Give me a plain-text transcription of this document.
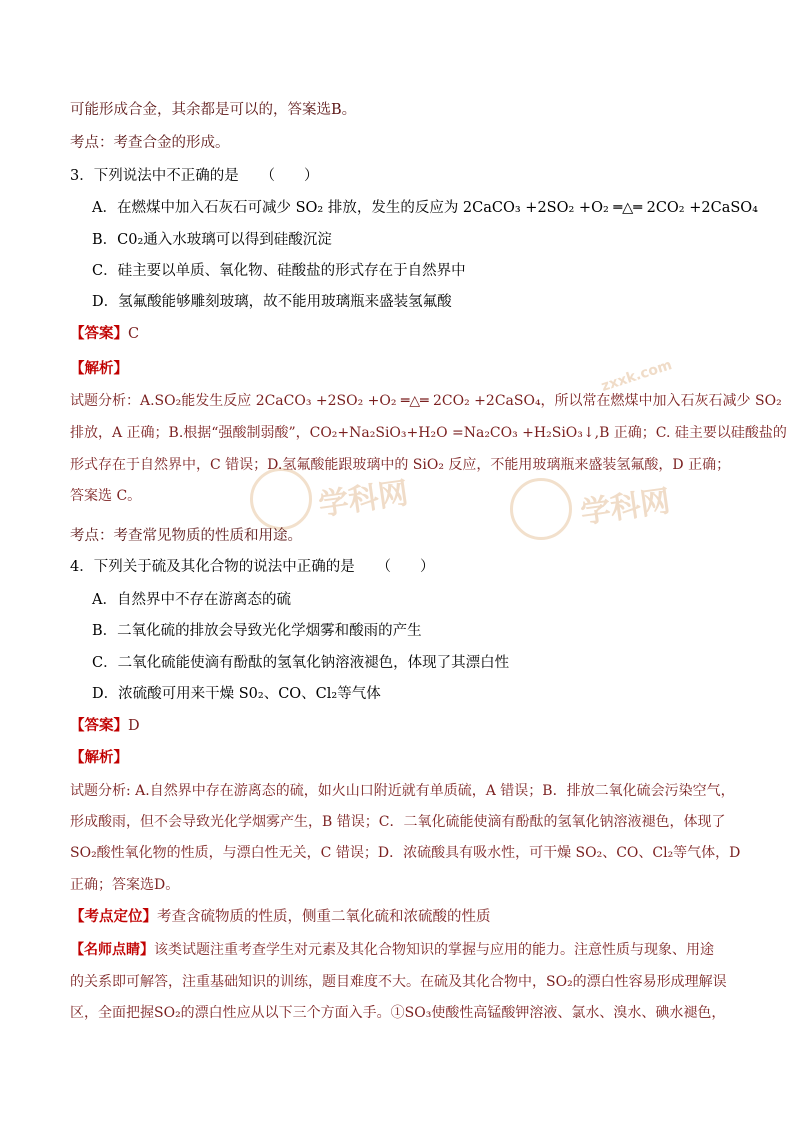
学科网	学科网
zxxk.com
可能形成合金，其余都是可以的，答案选B。
考点：考查合金的形成。
3．下列说法中不正确的是　　（　　）
A．在燃煤中加入石灰石可减少 SO₂ 排放，发生的反应为 2CaCO₃ +2SO₂ +O₂ ═△═ 2CO₂ +2CaSO₄
B．C0₂通入水玻璃可以得到硅酸沉淀
C．硅主要以单质、氧化物、硅酸盐的形式存在于自然界中
D．氢氟酸能够雕刻玻璃，故不能用玻璃瓶来盛装氢氟酸
【答案】C
【解析】
试题分析：A.SO₂能发生反应 2CaCO₃ +2SO₂ +O₂ ═△═ 2CO₂ +2CaSO₄，所以常在燃煤中加入石灰石减少 SO₂
排放，A 正确；B.根据“强酸制弱酸”，CO₂+Na₂SiO₃+H₂O =Na₂CO₃ +H₂SiO₃↓,B 正确；C. 硅主要以硅酸盐的
形式存在于自然界中，C 错误；D.氢氟酸能跟玻璃中的 SiO₂ 反应，不能用玻璃瓶来盛装氢氟酸，D 正确；
答案选 C。
考点：考查常见物质的性质和用途。
4．下列关于硫及其化合物的说法中正确的是　　（　　）
A．自然界中不存在游离态的硫
B．二氧化硫的排放会导致光化学烟雾和酸雨的产生
C．二氧化硫能使滴有酚酞的氢氧化钠溶液褪色，体现了其漂白性
D．浓硫酸可用来干燥 S0₂、CO、Cl₂等气体
【答案】D
【解析】
试题分析: A.自然界中存在游离态的硫，如火山口附近就有单质硫，A 错误；B．排放二氧化硫会污染空气，
形成酸雨，但不会导致光化学烟雾产生，B 错误；C．二氧化硫能使滴有酚酞的氢氧化钠溶液褪色，体现了
SO₂酸性氧化物的性质，与漂白性无关，C 错误；D．浓硫酸具有吸水性，可干燥 SO₂、CO、Cl₂等气体，D
正确；答案选D。
【考点定位】考查含硫物质的性质，侧重二氧化硫和浓硫酸的性质
【名师点睛】该类试题注重考查学生对元素及其化合物知识的掌握与应用的能力。注意性质与现象、用途
的关系即可解答，注重基础知识的训练，题目难度不大。在硫及其化合物中，SO₂的漂白性容易形成理解误
区，全面把握SO₂的漂白性应从以下三个方面入手。①SO₃使酸性高锰酸钾溶液、氯水、溴水、碘水褪色，
